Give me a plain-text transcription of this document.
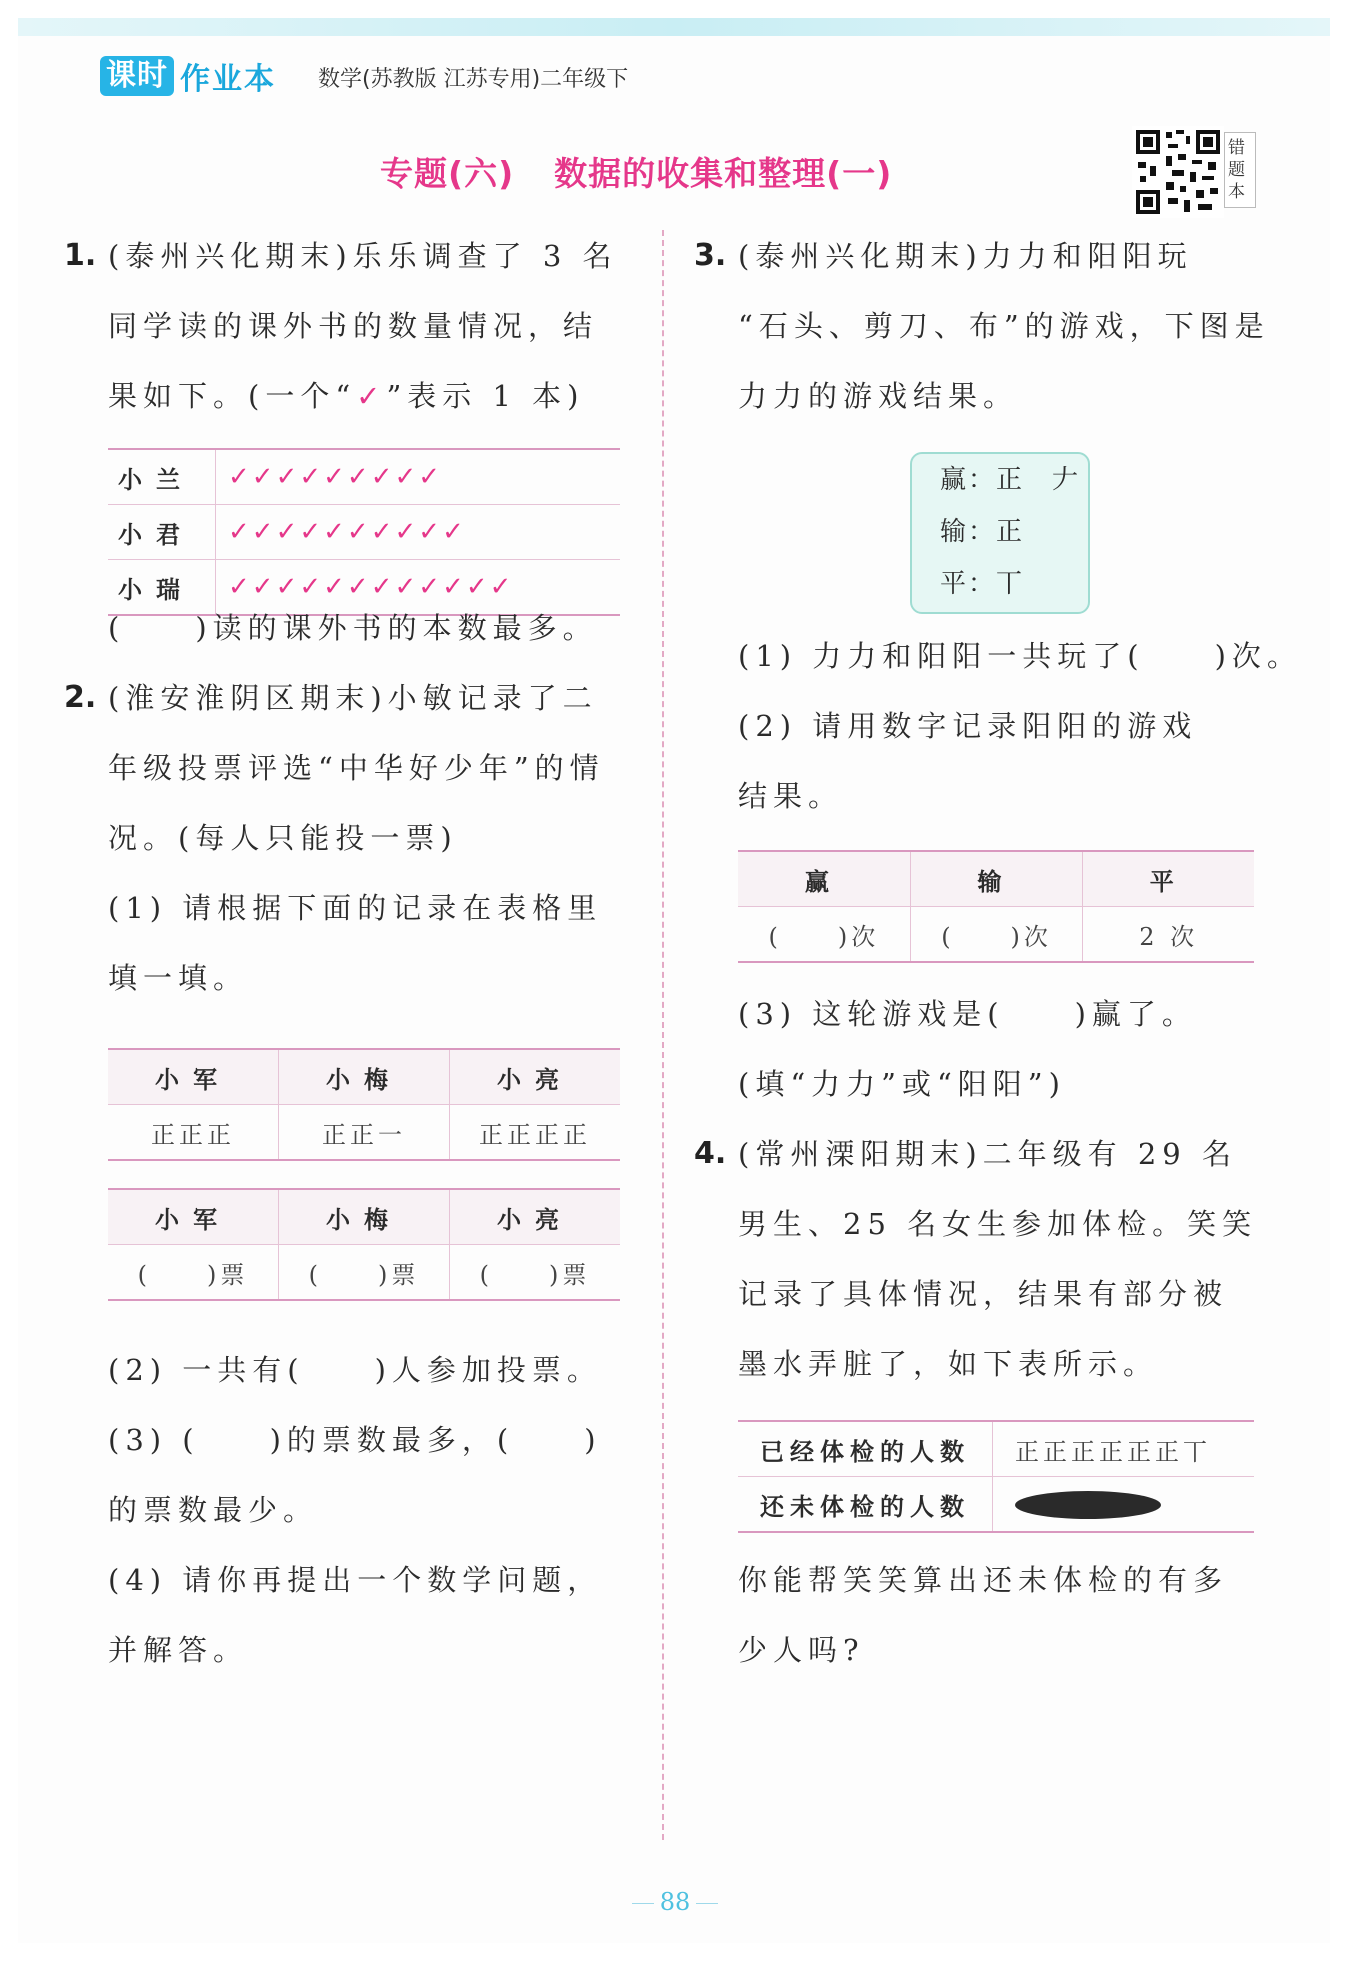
课时 作业本 数学(苏教版 江苏专用)二年级下
专题(六) 数据的收集和整理(一)
错题本
1. (泰州兴化期末)乐乐调查了 3 名
同学读的课外书的数量情况，结
果如下。(一个“✓”表示 1 本)
小兰	✓✓✓✓✓✓✓✓✓
小君	✓✓✓✓✓✓✓✓✓✓
小瑞	✓✓✓✓✓✓✓✓✓✓✓✓
(　　)读的课外书的本数最多。
2. (淮安淮阴区期末)小敏记录了二
年级投票评选“中华好少年”的情
况。(每人只能投一票)
(1) 请根据下面的记录在表格里
填一填。
小军	小梅	小亮
正正正	正正一	正正正正
小军	小梅	小亮
(　　)票	(　　)票	(　　)票
(2) 一共有(　　)人参加投票。
(3) (　　)的票数最多，(　　)
的票数最少。
(4) 请你再提出一个数学问题，
并解答。
3. (泰州兴化期末)力力和阳阳玩
“石头、剪刀、布”的游戏，下图是
力力的游戏结果。
赢：正　𠂇
输：正
平：丅
(1) 力力和阳阳一共玩了(　　)次。
(2) 请用数字记录阳阳的游戏
结果。
赢	输	平
(　　)次	(　　)次	2 次
(3) 这轮游戏是(　　)赢了。
(填“力力”或“阳阳”)
4. (常州溧阳期末)二年级有 29 名
男生、25 名女生参加体检。笑笑
记录了具体情况，结果有部分被
墨水弄脏了，如下表所示。
已经体检的人数	正正正正正正丅
还未体检的人数	
你能帮笑笑算出还未体检的有多
少人吗?
88
